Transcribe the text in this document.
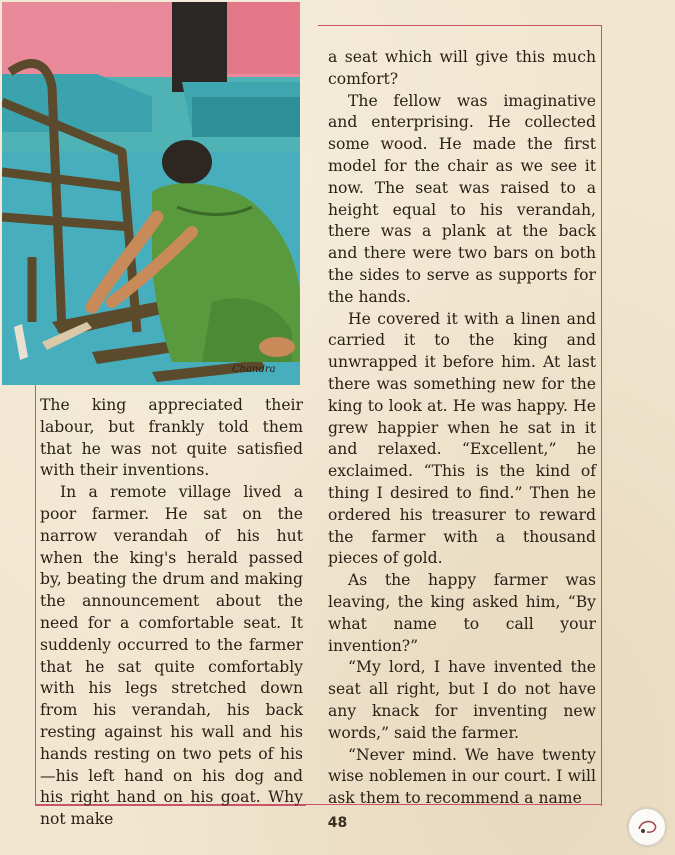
Chandra

The king appreciated their labour, but frankly told them that he was not quite satisfied with their inventions.

In a remote village lived a poor farmer. He sat on the narrow verandah of his hut when the king's herald passed by, beating the drum and making the announcement about the need for a comfortable seat. It suddenly occurred to the farmer that he sat quite comfortably with his legs stretched down from his verandah, his back resting against his wall and his hands resting on two pets of his—his left hand on his dog and his right hand on his goat. Why not make

a seat which will give this much comfort?

The fellow was imaginative and enterprising. He collected some wood. He made the first model for the chair as we see it now. The seat was raised to a height equal to his verandah, there was a plank at the back and there were two bars on both the sides to serve as supports for the hands.

He covered it with a linen and carried it to the king and unwrapped it before him. At last there was something new for the king to look at. He was happy. He grew happier when he sat in it and relaxed. “Excellent,” he exclaimed. “This is the kind of thing I desired to find.” Then he ordered his treasurer to reward the farmer with a thousand pieces of gold.

As the happy farmer was leaving, the king asked him, “By what name to call your invention?”

“My lord, I have invented the seat all right, but I do not have any knack for inventing new words,” said the farmer.

“Never mind. We have twenty wise noblemen in our court. I will ask them to recommend a name

48
